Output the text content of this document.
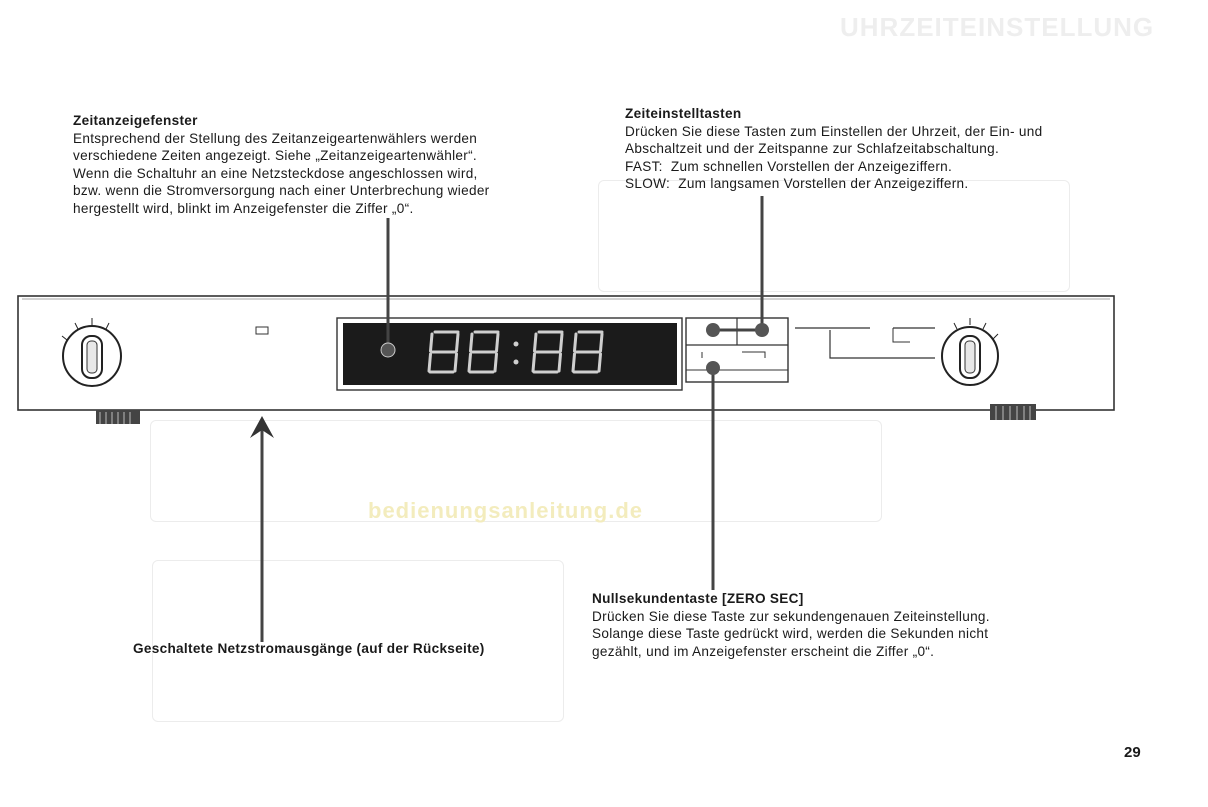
UHRZEITEINSTELLUNG
bedienungsanleitung.de
Zeitanzeigefenster
Entsprechend der Stellung des Zeitanzeigeartenwählers werden
verschiedene Zeiten angezeigt. Siehe „Zeitanzeigeartenwähler“.
Wenn die Schaltuhr an eine Netzsteckdose angeschlossen wird,
bzw. wenn die Stromversorgung nach einer Unterbrechung wieder
hergestellt wird, blinkt im Anzeigefenster die Ziffer „0“.
Zeiteinstelltasten
Drücken Sie diese Tasten zum Einstellen der Uhrzeit, der Ein- und
Abschaltzeit und der Zeitspanne zur Schlafzeitabschaltung.
FAST:  Zum schnellen Vorstellen der Anzeigeziffern.
SLOW:  Zum langsamen Vorstellen der Anzeigeziffern.
Nullsekundentaste [ZERO SEC]
Drücken Sie diese Taste zur sekundengenauen Zeiteinstellung.
Solange diese Taste gedrückt wird, werden die Sekunden nicht
gezählt, und im Anzeigefenster erscheint die Ziffer „0“.
Geschaltete Netzstromausgänge (auf der Rückseite)
29
